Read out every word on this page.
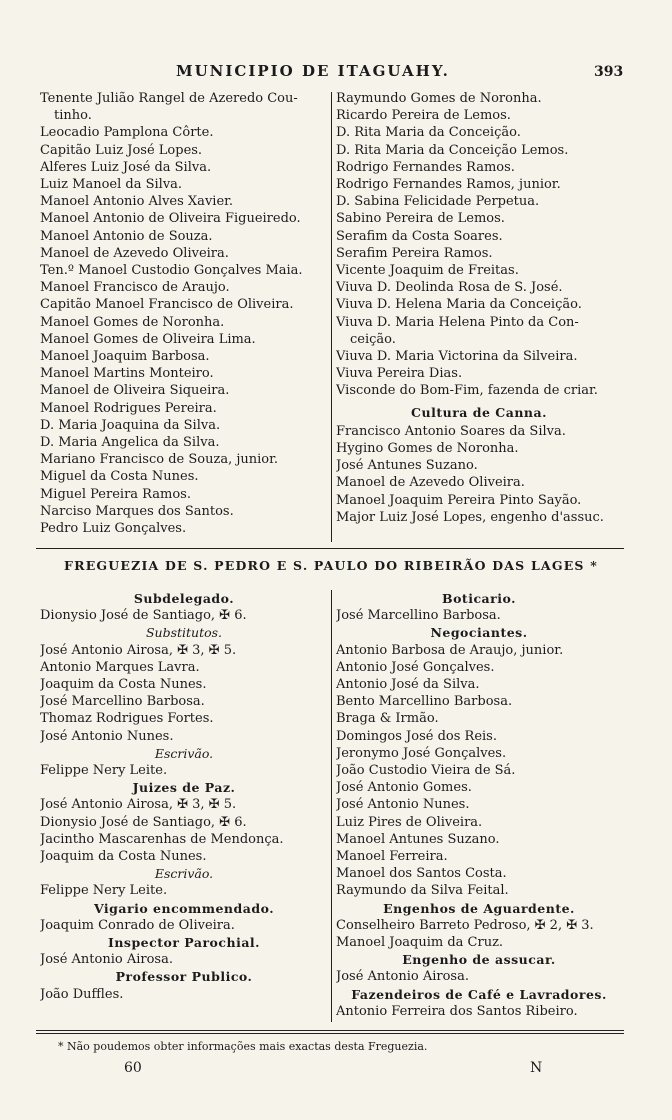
MUNICIPIO DE ITAGUAHY.	393
Tenente Julião Rangel de Azeredo Cou-
tinho.
Leocadio Pamplona Côrte.
Capitão Luiz José Lopes.
Alferes Luiz José da Silva.
Luiz Manoel da Silva.
Manoel Antonio Alves Xavier.
Manoel Antonio de Oliveira Figueiredo.
Manoel Antonio de Souza.
Manoel de Azevedo Oliveira.
Ten.º Manoel Custodio Gonçalves Maia.
Manoel Francisco de Araujo.
Capitão Manoel Francisco de Oliveira.
Manoel Gomes de Noronha.
Manoel Gomes de Oliveira Lima.
Manoel Joaquim Barbosa.
Manoel Martins Monteiro.
Manoel de Oliveira Siqueira.
Manoel Rodrigues Pereira.
D. Maria Joaquina da Silva.
D. Maria Angelica da Silva.
Mariano Francisco de Souza, junior.
Miguel da Costa Nunes.
Miguel Pereira Ramos.
Narciso Marques dos Santos.
Pedro Luiz Gonçalves.
Raymundo Gomes de Noronha.
Ricardo Pereira de Lemos.
D. Rita Maria da Conceição.
D. Rita Maria da Conceição Lemos.
Rodrigo Fernandes Ramos.
Rodrigo Fernandes Ramos, junior.
D. Sabina Felicidade Perpetua.
Sabino Pereira de Lemos.
Serafim da Costa Soares.
Serafim Pereira Ramos.
Vicente Joaquim de Freitas.
Viuva D. Deolinda Rosa de S. José.
Viuva D. Helena Maria da Conceição.
Viuva D. Maria Helena Pinto da Con-
ceição.
Viuva D. Maria Victorina da Silveira.
Viuva Pereira Dias.
Visconde do Bom-Fim, fazenda de criar.
Cultura de Canna.
Francisco Antonio Soares da Silva.
Hygino Gomes de Noronha.
José Antunes Suzano.
Manoel de Azevedo Oliveira.
Manoel Joaquim Pereira Pinto Sayão.
Major Luiz José Lopes, engenho d'assuc.
FREGUEZIA DE S. PEDRO E S. PAULO DO RIBEIRÃO DAS LAGES *
Subdelegado.
Dionysio José de Santiago, ✠ 6.
Substitutos.
José Antonio Airosa, ✠ 3, ✠ 5.
Antonio Marques Lavra.
Joaquim da Costa Nunes.
José Marcellino Barbosa.
Thomaz Rodrigues Fortes.
José Antonio Nunes.
Escrivão.
Felippe Nery Leite.
Juizes de Paz.
José Antonio Airosa, ✠ 3, ✠ 5.
Dionysio José de Santiago, ✠ 6.
Jacintho Mascarenhas de Mendonça.
Joaquim da Costa Nunes.
Escrivão.
Felippe Nery Leite.
Vigario encommendado.
Joaquim Conrado de Oliveira.
Inspector Parochial.
José Antonio Airosa.
Professor Publico.
João Duffles.
Boticario.
José Marcellino Barbosa.
Negociantes.
Antonio Barbosa de Araujo, junior.
Antonio José Gonçalves.
Antonio José da Silva.
Bento Marcellino Barbosa.
Braga & Irmão.
Domingos José dos Reis.
Jeronymo José Gonçalves.
João Custodio Vieira de Sá.
José Antonio Gomes.
José Antonio Nunes.
Luiz Pires de Oliveira.
Manoel Antunes Suzano.
Manoel Ferreira.
Manoel dos Santos Costa.
Raymundo da Silva Feital.
Engenhos de Aguardente.
Conselheiro Barreto Pedroso, ✠ 2, ✠ 3.
Manoel Joaquim da Cruz.
Engenho de assucar.
José Antonio Airosa.
Fazendeiros de Café e Lavradores.
Antonio Ferreira dos Santos Ribeiro.
* Não poudemos obter informações mais exactas desta Freguezia.
60	N
